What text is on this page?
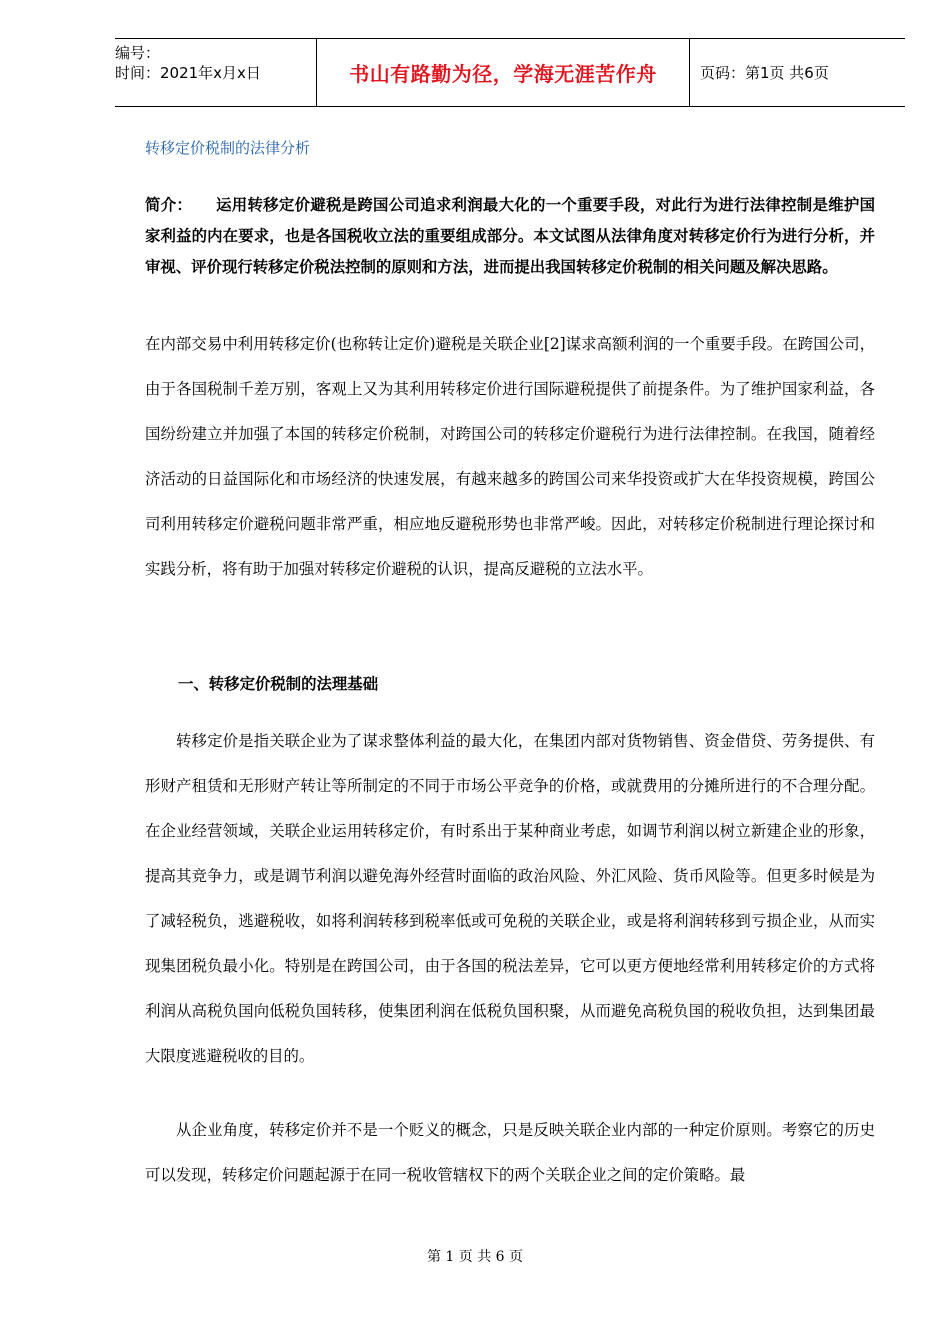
编号：
时间：2021年x月x日	书山有路勤为径，学海无涯苦作舟	页码：第1页 共6页
转移定价税制的法律分析

简介： 运用转移定价避税是跨国公司追求利润最大化的一个重要手段，对此行为进行法律控制是维护国家利益的内在要求，也是各国税收立法的重要组成部分。本文试图从法律角度对转移定价行为进行分析，并审视、评价现行转移定价税法控制的原则和方法，进而提出我国转移定价税制的相关问题及解决思路。

在内部交易中利用转移定价(也称转让定价)避税是关联企业[2]谋求高额利润的一个重要手段。在跨国公司，由于各国税制千差万别，客观上又为其利用转移定价进行国际避税提供了前提条件。为了维护国家利益，各国纷纷建立并加强了本国的转移定价税制，对跨国公司的转移定价避税行为进行法律控制。在我国，随着经济活动的日益国际化和市场经济的快速发展，有越来越多的跨国公司来华投资或扩大在华投资规模，跨国公司利用转移定价避税问题非常严重，相应地反避税形势也非常严峻。因此，对转移定价税制进行理论探讨和实践分析，将有助于加强对转移定价避税的认识，提高反避税的立法水平。

一、转移定价税制的法理基础

转移定价是指关联企业为了谋求整体利益的最大化，在集团内部对货物销售、资金借贷、劳务提供、有形财产租赁和无形财产转让等所制定的不同于市场公平竞争的价格，或就费用的分摊所进行的不合理分配。在企业经营领域，关联企业运用转移定价，有时系出于某种商业考虑，如调节利润以树立新建企业的形象，提高其竞争力，或是调节利润以避免海外经营时面临的政治风险、外汇风险、货币风险等。但更多时候是为了减轻税负，逃避税收，如将利润转移到税率低或可免税的关联企业，或是将利润转移到亏损企业，从而实现集团税负最小化。特别是在跨国公司，由于各国的税法差异，它可以更方便地经常利用转移定价的方式将利润从高税负国向低税负国转移，使集团利润在低税负国积聚，从而避免高税负国的税收负担，达到集团最大限度逃避税收的目的。

从企业角度，转移定价并不是一个贬义的概念，只是反映关联企业内部的一种定价原则。考察它的历史可以发现，转移定价问题起源于在同一税收管辖权下的两个关联企业之间的定价策略。最

第 1 页 共 6 页
